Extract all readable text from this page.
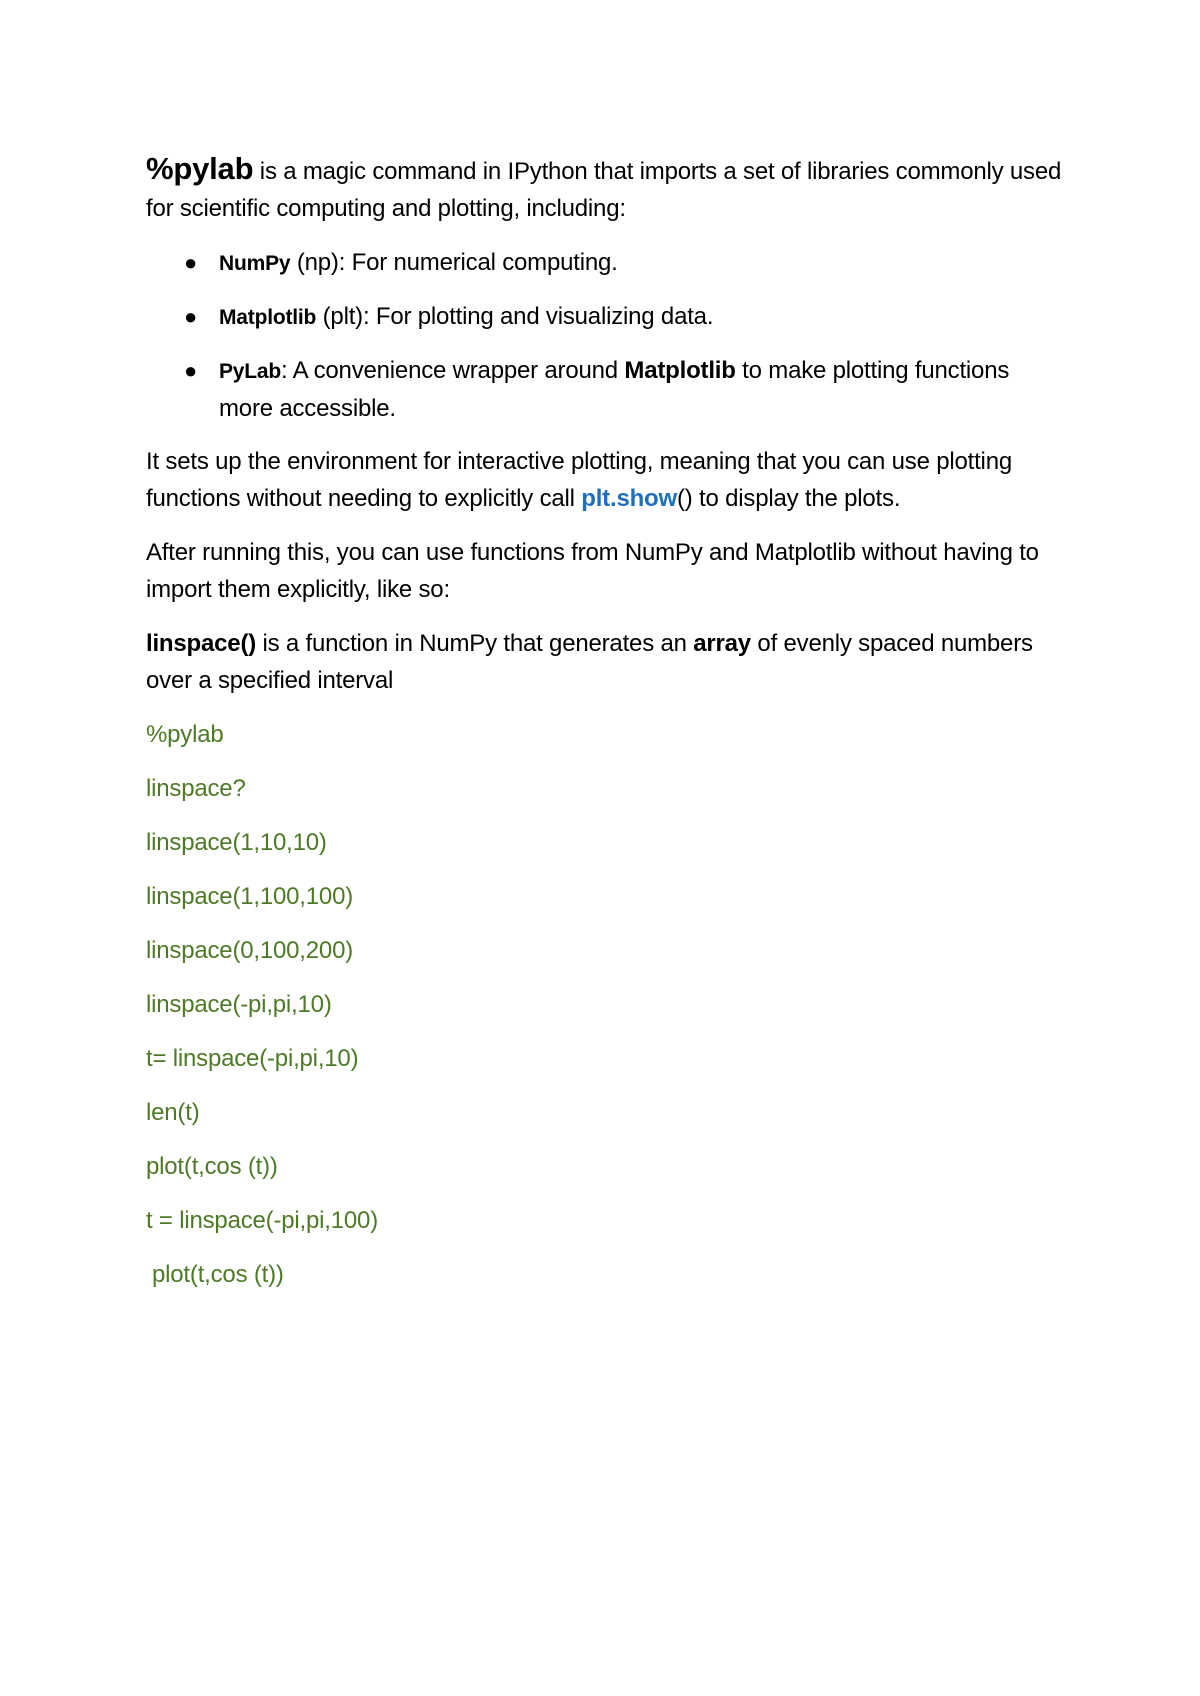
%pylab is a magic command in IPython that imports a set of libraries commonly used for scientific computing and plotting, including:

● NumPy (np): For numerical computing.
● Matplotlib (plt): For plotting and visualizing data.
● PyLab: A convenience wrapper around Matplotlib to make plotting functions more accessible.

It sets up the environment for interactive plotting, meaning that you can use plotting functions without needing to explicitly call plt.show() to display the plots.

After running this, you can use functions from NumPy and Matplotlib without having to import them explicitly, like so:

linspace() is a function in NumPy that generates an array of evenly spaced numbers over a specified interval

%pylab

linspace?

linspace(1,10,10)

linspace(1,100,100)

linspace(0,100,200)

linspace(-pi,pi,10)

t= linspace(-pi,pi,10)

len(t)

plot(t,cos (t))

t = linspace(-pi,pi,100)

plot(t,cos (t))
